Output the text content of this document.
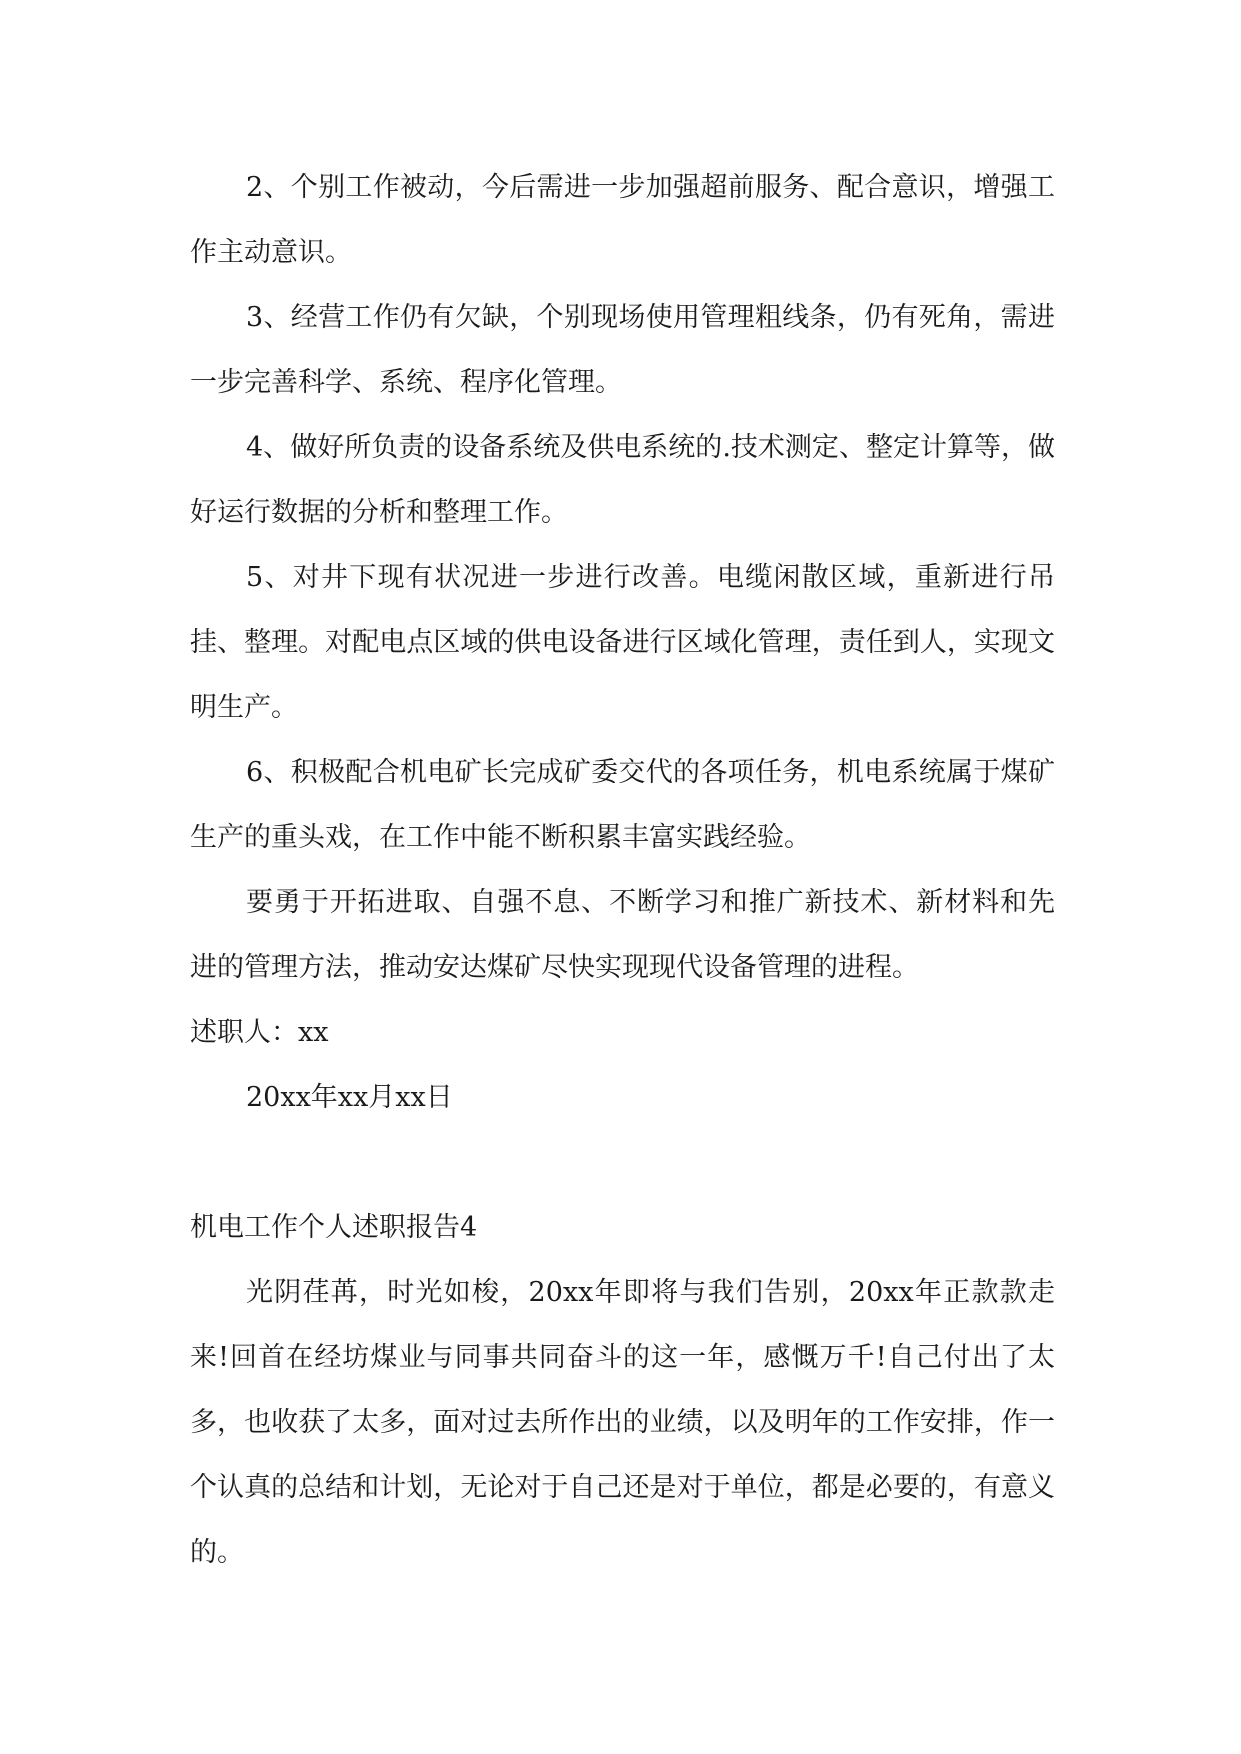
2、个别工作被动，今后需进一步加强超前服务、配合意识，增强工作主动意识。

3、经营工作仍有欠缺，个别现场使用管理粗线条，仍有死角，需进一步完善科学、系统、程序化管理。

4、做好所负责的设备系统及供电系统的.技术测定、整定计算等，做好运行数据的分析和整理工作。

5、对井下现有状况进一步进行改善。电缆闲散区域，重新进行吊挂、整理。对配电点区域的供电设备进行区域化管理，责任到人，实现文明生产。

6、积极配合机电矿长完成矿委交代的各项任务，机电系统属于煤矿生产的重头戏，在工作中能不断积累丰富实践经验。

要勇于开拓进取、自强不息、不断学习和推广新技术、新材料和先进的管理方法，推动安达煤矿尽快实现现代设备管理的进程。

述职人：xx

20xx年xx月xx日

机电工作个人述职报告4

光阴荏苒，时光如梭，20xx年即将与我们告别，20xx年正款款走来!回首在经坊煤业与同事共同奋斗的这一年，感慨万千!自己付出了太多，也收获了太多，面对过去所作出的业绩，以及明年的工作安排，作一个认真的总结和计划，无论对于自己还是对于单位，都是必要的，有意义的。
